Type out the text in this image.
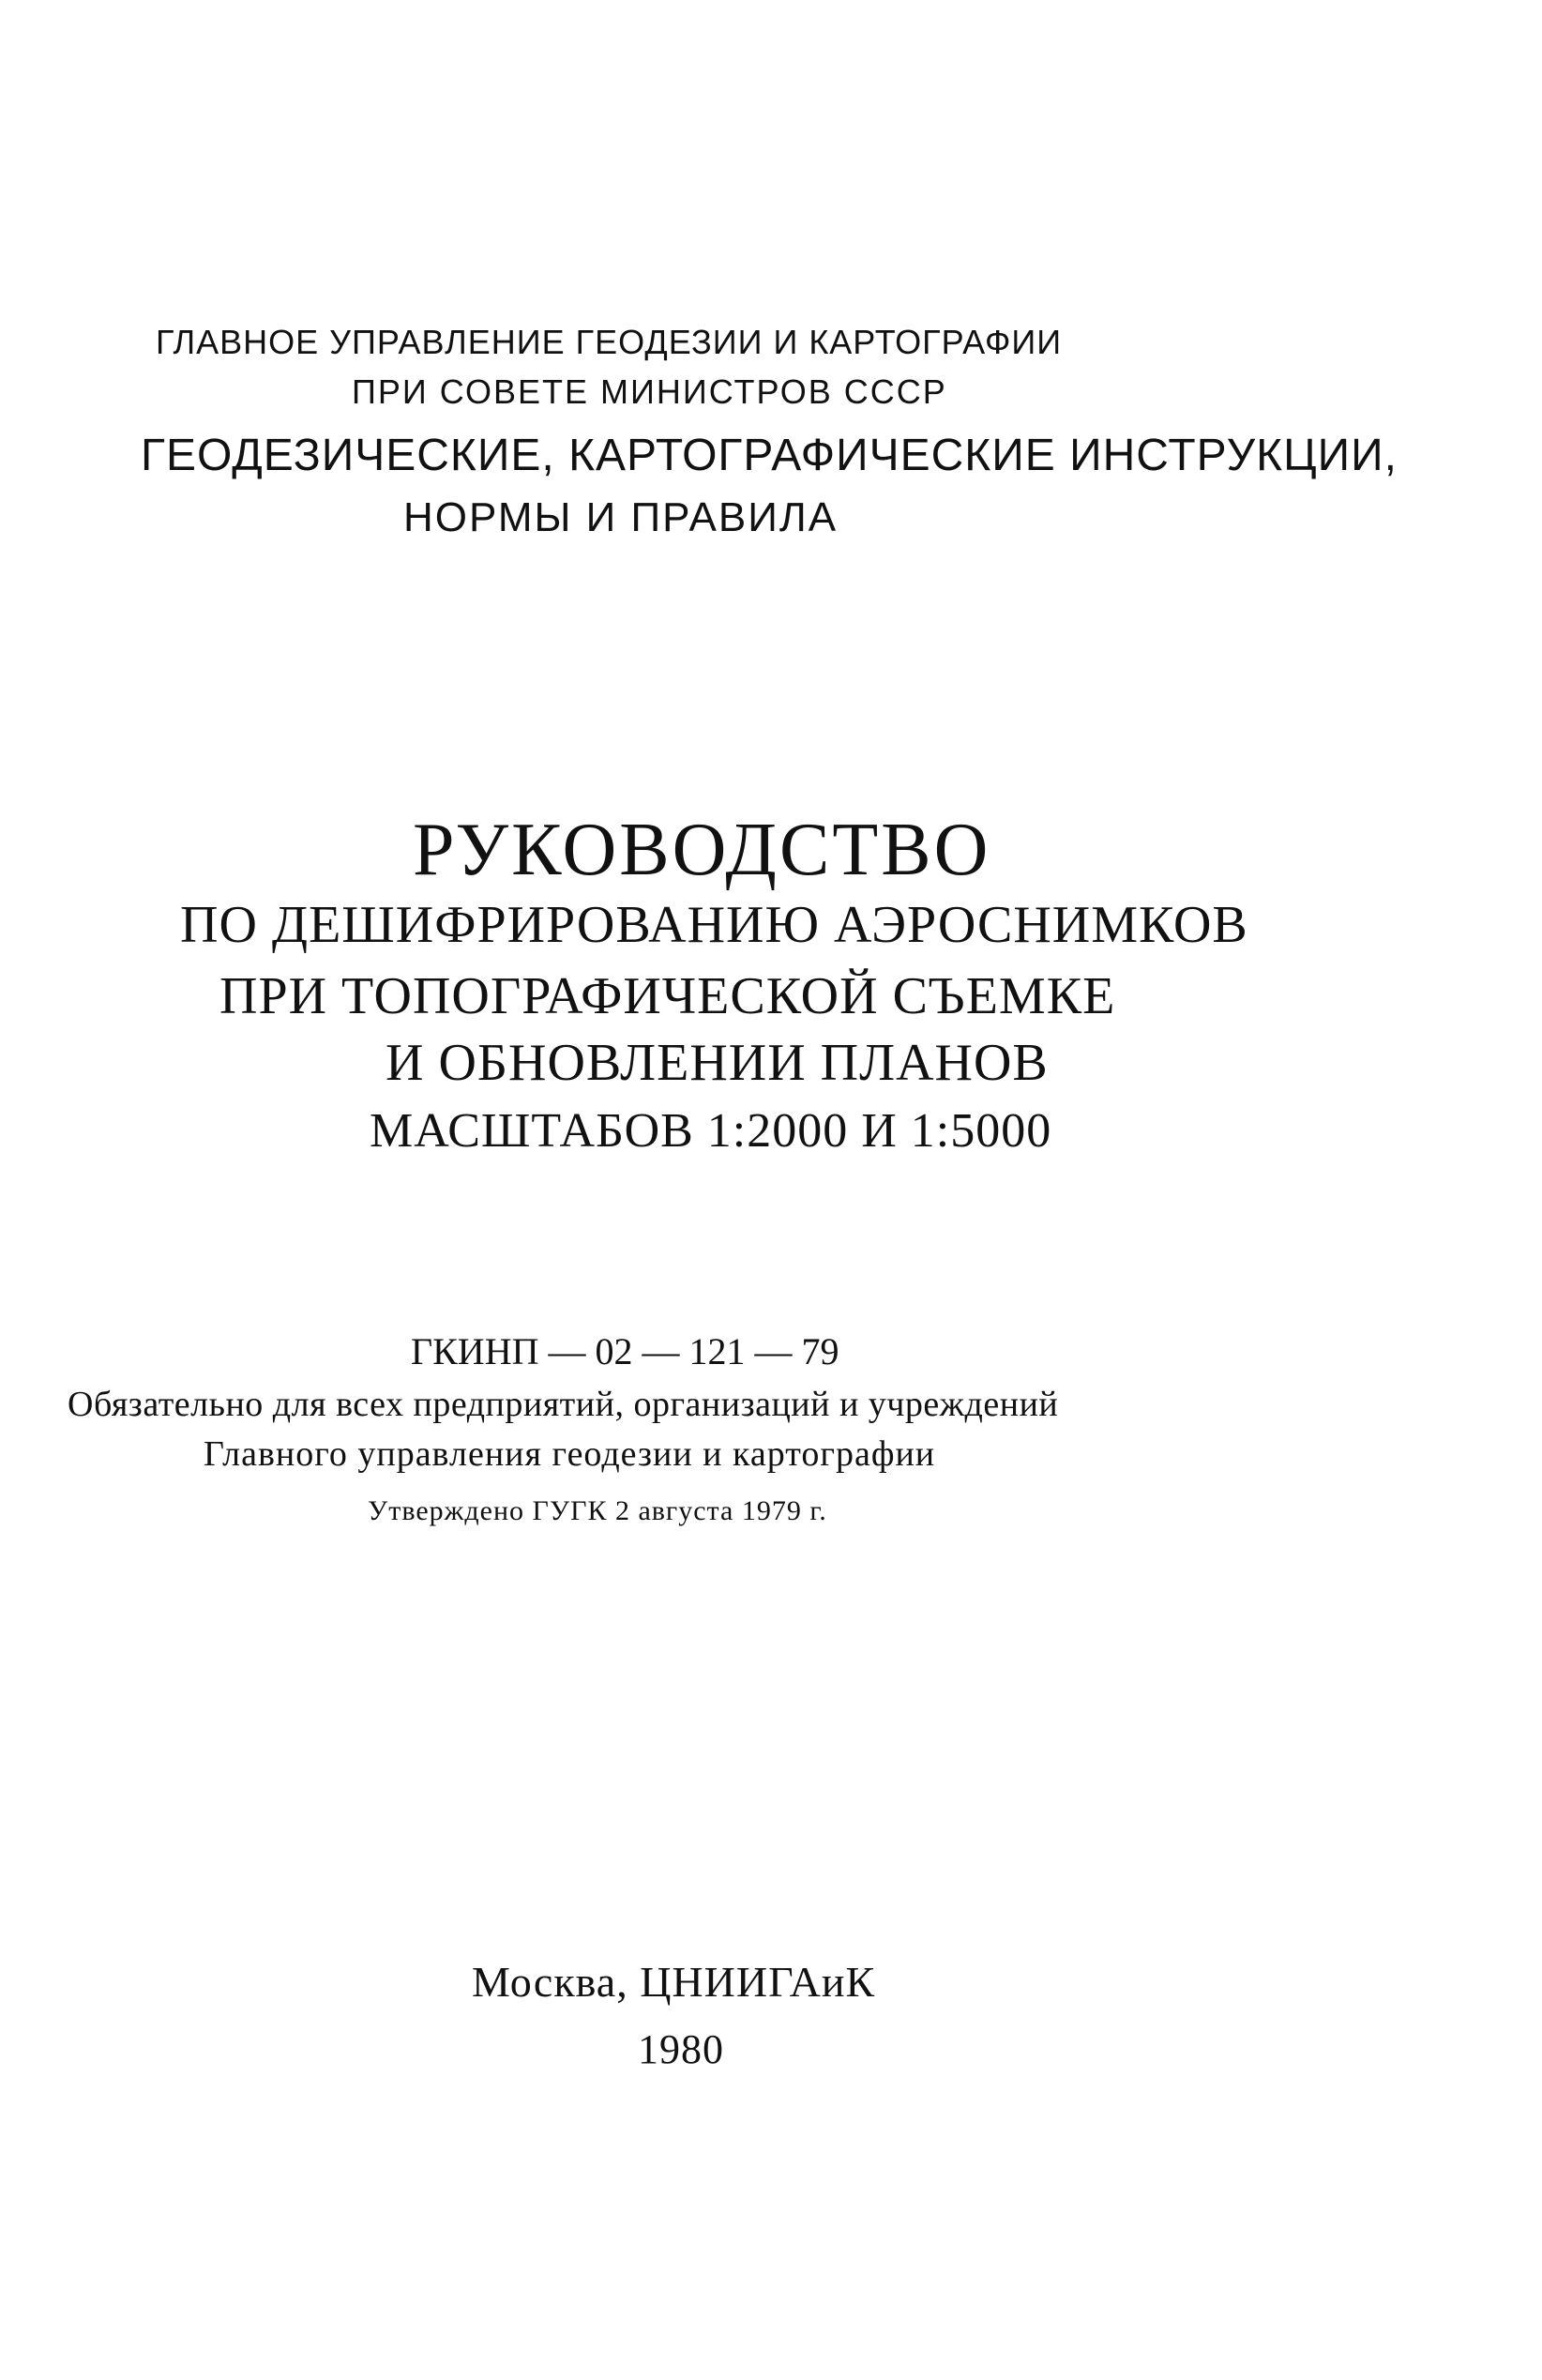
ГЛАВНОЕ УПРАВЛЕНИЕ ГЕОДЕЗИИ И КАРТОГРАФИИ
ПРИ СОВЕТЕ МИНИСТРОВ СССР
ГЕОДЕЗИЧЕСКИЕ, КАРТОГРАФИЧЕСКИЕ ИНСТРУКЦИИ,
НОРМЫ И ПРАВИЛА
РУКОВОДСТВО
ПО ДЕШИФРИРОВАНИЮ АЭРОСНИМКОВ
ПРИ ТОПОГРАФИЧЕСКОЙ СЪЕМКЕ
И ОБНОВЛЕНИИ ПЛАНОВ
МАСШТАБОВ 1:2000 И 1:5000
ГКИНП — 02 — 121 — 79
Обязательно для всех предприятий, организаций и учреждений
Главного управления геодезии и картографии
Утверждено ГУГК 2 августа 1979 г.
Москва, ЦНИИГАиК
1980
